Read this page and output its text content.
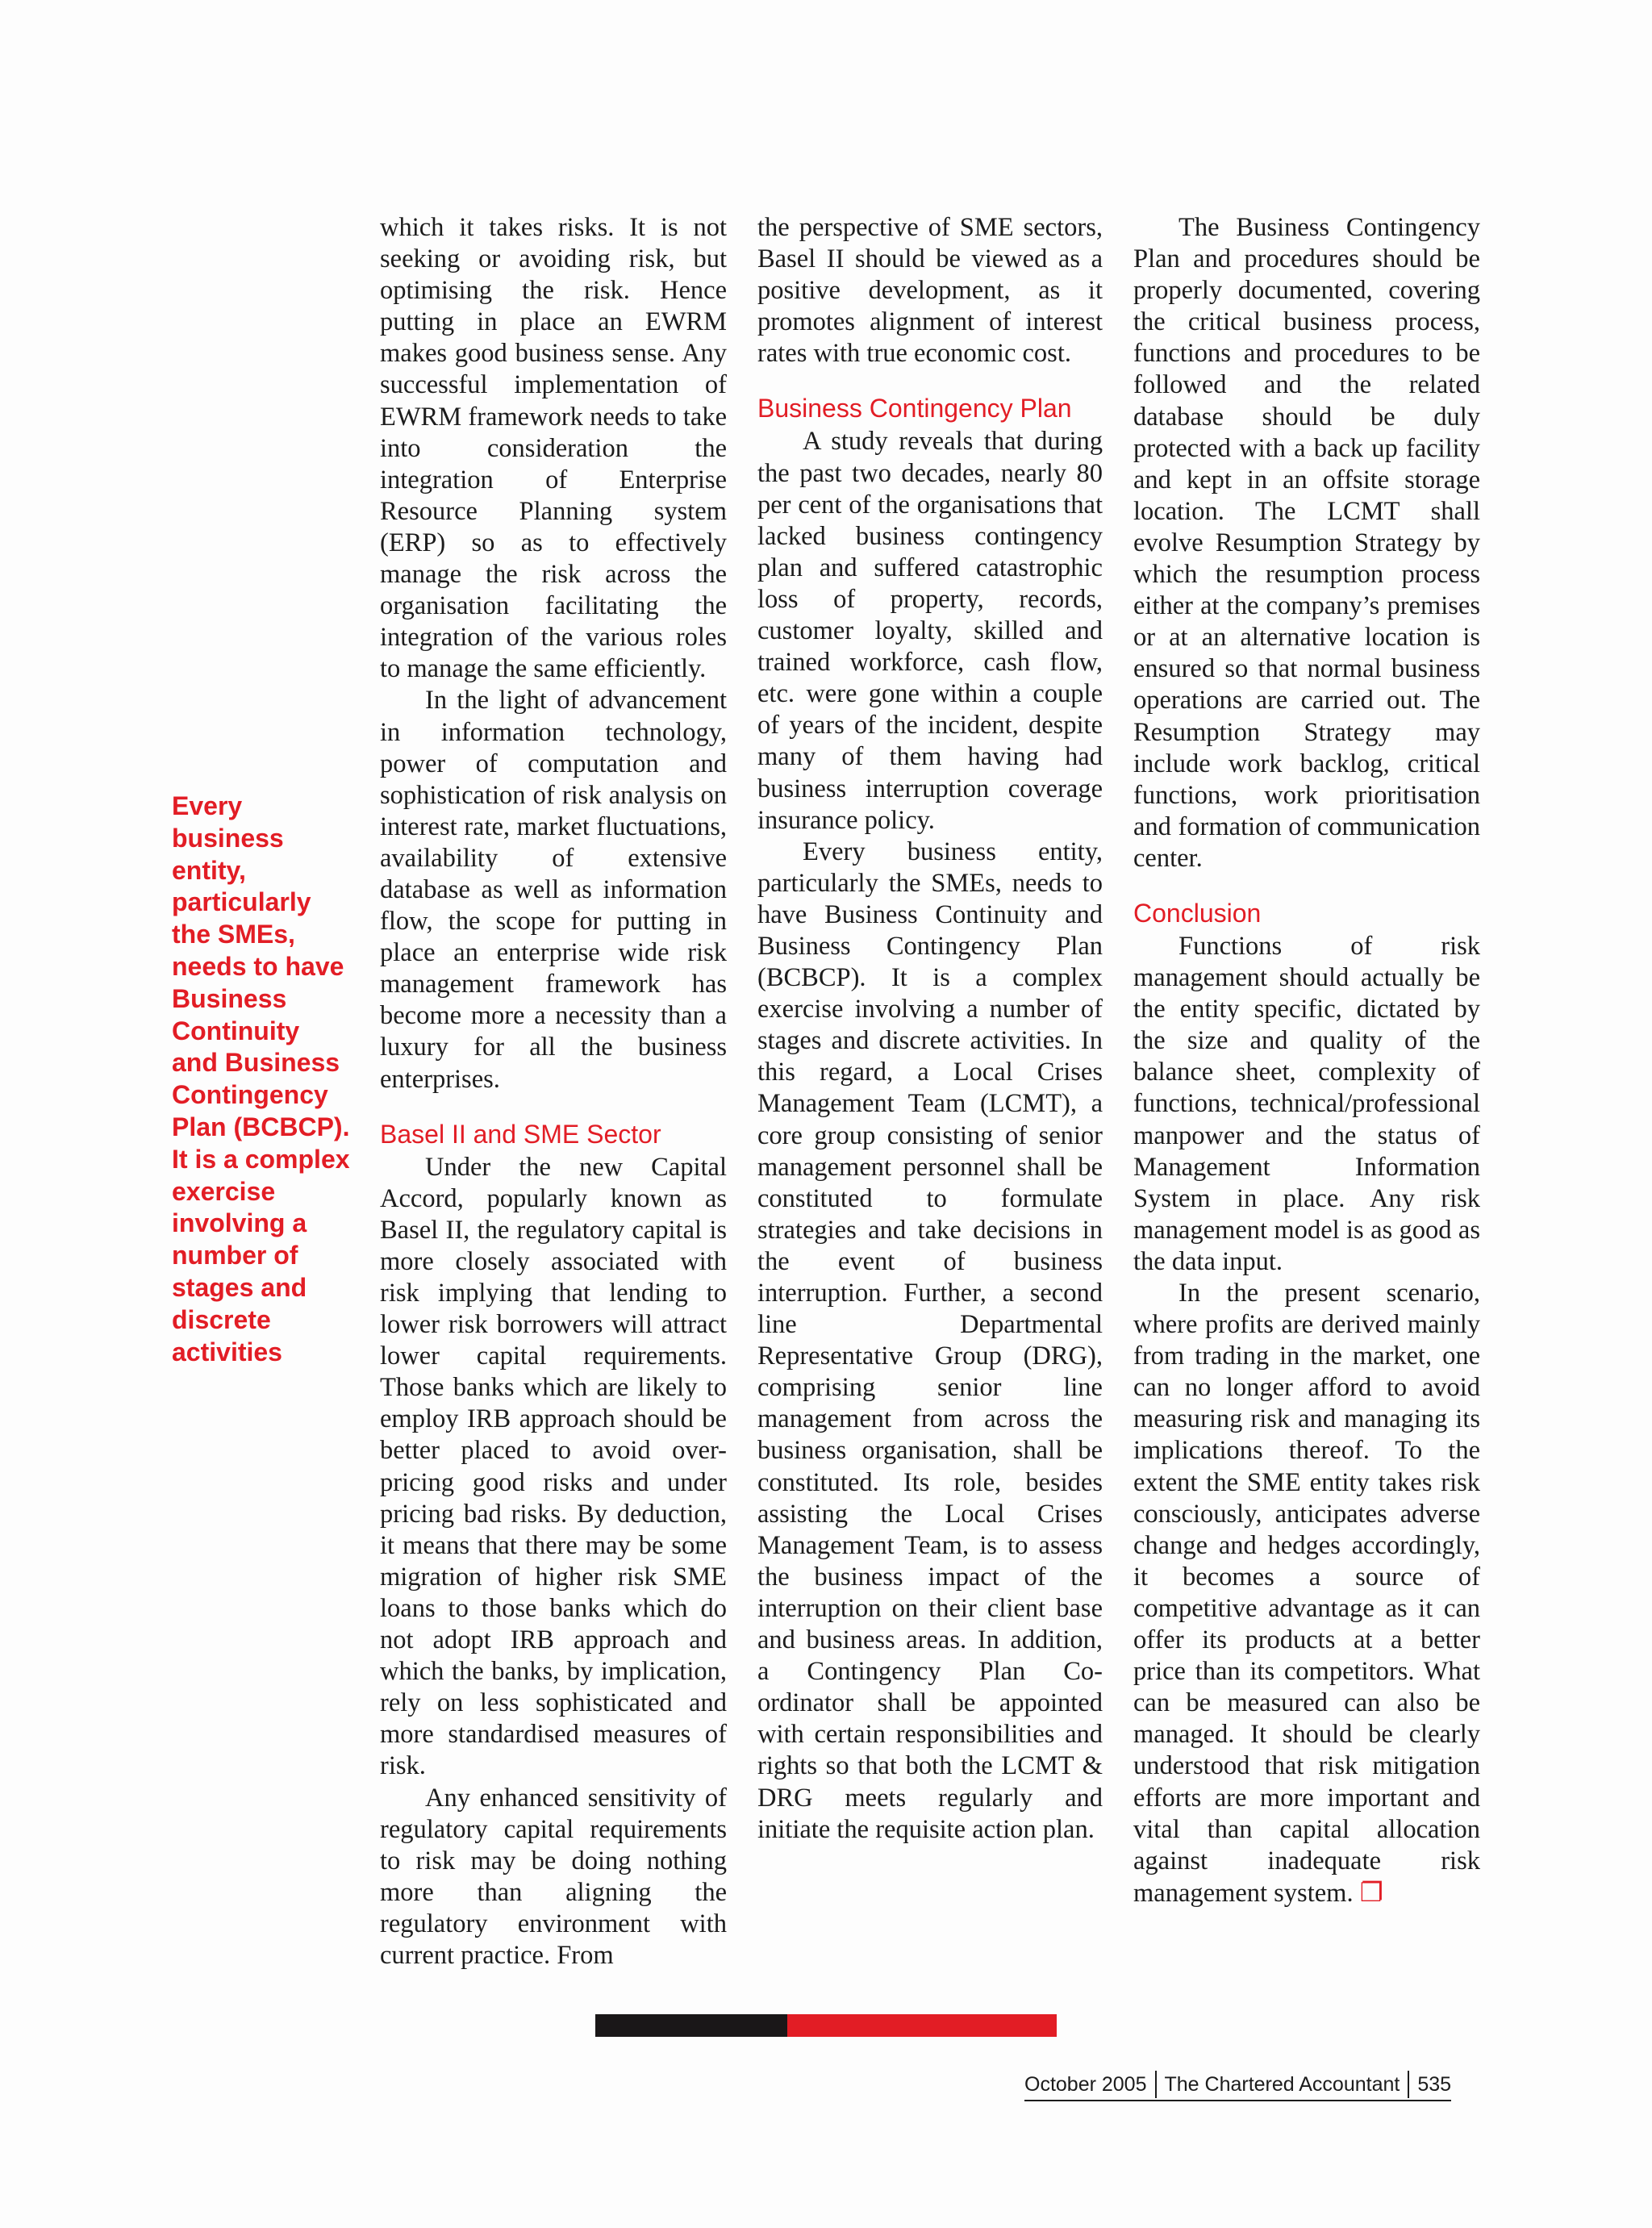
Every business entity, particularly the SMEs, needs to have Business Continuity and Business Contingency Plan (BCBCP). It is a complex exercise involving a number of stages and discrete activities

which it takes risks. It is not seeking or avoiding risk, but optimising the risk. Hence putting in place an EWRM makes good business sense. Any successful implementation of EWRM framework needs to take into consideration the integration of Enterprise Resource Planning system (ERP) so as to effectively manage the risk across the organisation facilitating the integration of the various roles to manage the same efficiently.

In the light of advancement in information technology, power of computation and sophistication of risk analysis on interest rate, market fluctuations, availability of extensive database as well as information flow, the scope for putting in place an enterprise wide risk management framework has become more a necessity than a luxury for all the business enterprises.

Basel II and SME Sector

Under the new Capital Accord, popularly known as Basel II, the regulatory capital is more closely associated with risk implying that lending to lower risk borrowers will attract lower capital requirements. Those banks which are likely to employ IRB approach should be better placed to avoid over-pricing good risks and under pricing bad risks. By deduction, it means that there may be some migration of higher risk SME loans to those banks which do not adopt IRB approach and which the banks, by implication, rely on less sophisticated and more standardised measures of risk.

Any enhanced sensitivity of regulatory capital requirements to risk may be doing nothing more than aligning the regulatory environment with current practice. From

the perspective of SME sectors, Basel II should be viewed as a positive development, as it promotes alignment of interest rates with true economic cost.

Business Contingency Plan

A study reveals that during the past two decades, nearly 80 per cent of the organisations that lacked business contingency plan and suffered catastrophic loss of property, records, customer loyalty, skilled and trained workforce, cash flow, etc. were gone within a couple of years of the incident, despite many of them having had business interruption coverage insurance policy.

Every business entity, particularly the SMEs, needs to have Business Continuity and Business Contingency Plan (BCBCP). It is a complex exercise involving a number of stages and discrete activities. In this regard, a Local Crises Management Team (LCMT), a core group consisting of senior management personnel shall be constituted to formulate strategies and take decisions in the event of business interruption. Further, a second line Departmental Representative Group (DRG), comprising senior line management from across the business organisation, shall be constituted. Its role, besides assisting the Local Crises Management Team, is to assess the business impact of the interruption on their client base and business areas. In addition, a Contingency Plan Co-ordinator shall be appointed with certain responsibilities and rights so that both the LCMT & DRG meets regularly and initiate the requisite action plan.

The Business Contingency Plan and procedures should be properly documented, covering the critical business process, functions and procedures to be followed and the related database should be duly protected with a back up facility and kept in an offsite storage location. The LCMT shall evolve Resumption Strategy by which the resumption process either at the company’s premises or at an alternative location is ensured so that normal business operations are carried out. The Resumption Strategy may include work backlog, critical functions, work prioritisation and formation of communication center.

Conclusion

Functions of risk management should actually be the entity specific, dictated by the size and quality of the balance sheet, complexity of functions, technical/professional manpower and the status of Management Information System in place. Any risk management model is as good as the data input.

In the present scenario, where profits are derived mainly from trading in the market, one can no longer afford to avoid measuring risk and managing its implications thereof. To the extent the SME entity takes risk consciously, anticipates adverse change and hedges accordingly, it becomes a source of competitive advantage as it can offer its products at a better price than its competitors. What can be measured can also be managed. It should be clearly understood that risk mitigation efforts are more important and vital than capital allocation against inadequate risk management system. ❐

October 2005 The Chartered Accountant 535
